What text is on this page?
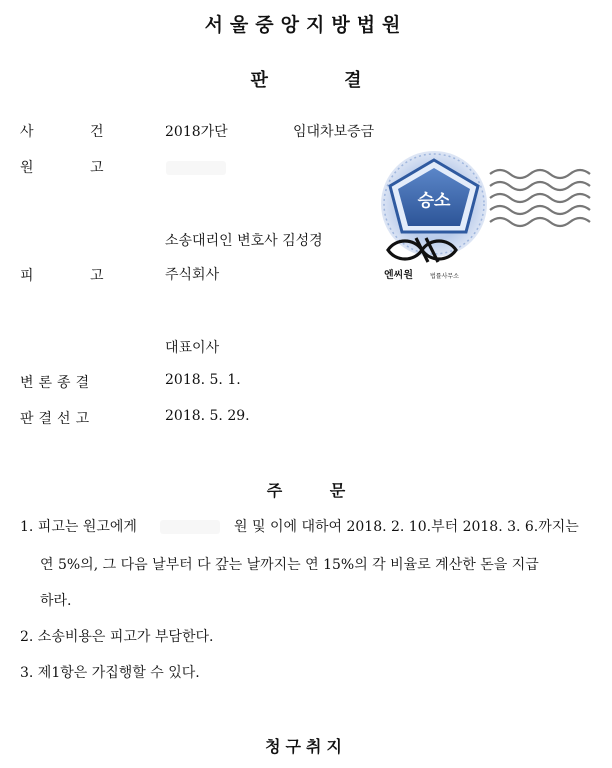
서울중앙지방법원
판 결
사 건	2018가단	임대차보증금
원 고
소송대리인 변호사 김성경
피 고	주식회사
대표이사
변론종결	2018. 5. 1.
판결선고	2018. 5. 29.
승소
엔씨원	법률사무소
주 문
1. 피고는 원고에게	원 및 이에 대하여 2018. 2. 10.부터 2018. 3. 6.까지는
연 5%의, 그 다음 날부터 다 갚는 날까지는 연 15%의 각 비율로 계산한 돈을 지급
하라.
2. 소송비용은 피고가 부담한다.
3. 제1항은 가집행할 수 있다.
청구취지
